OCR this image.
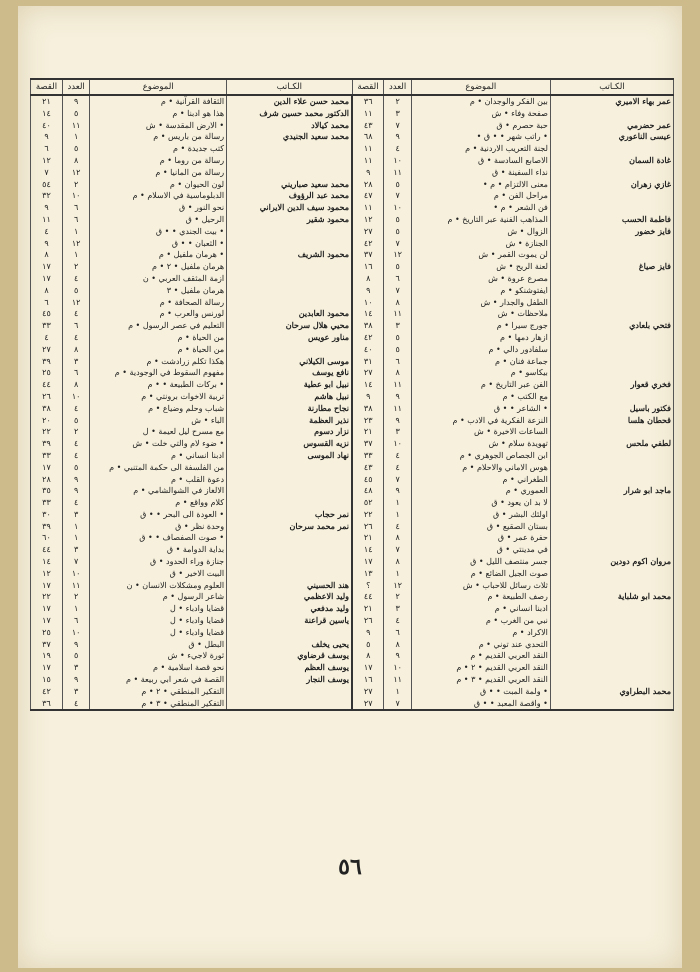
الكـاتب	الموضوع	العدد	القصة	الكـاتب	الموضوع	العدد	القصة
عمر بهاء الاميري	بين الفكر والوجدان • م	٢	٣٦	محمد حسن علاء الدين	الثقافة القرآنية • م	٩	٢١
	صفحة وفاء • ش	٣	١١	الدكتور محمد حسين شرف	هذا هو ادبنا • م	٥	١٤
عمر حضرمي	حبة حصرم • ق	٧	٤٣	محمد كيالاد	• الارض المقدسة • ش	١١	٤٠
عيسى الناعوري	• راتب شهر • • ق •	٩	٦٨	محمد سعيد الجنيدي	رسالة من باريس • م	١	٩
	لجنة التعريب الاردنية • م	٤	١١		كتب جديدة • م	٥	٦
غادة السمان	الاصابع السادسة • ق	١٠	١١		رسالة من روما • م	٨	١٢
	نداء السفينة • ق	١١	٩		رسالة من المانيا • م	١٢	٧
غازي زهران	معنى الالتزام • م •	٥	٢٨	محمد سعيد صباريني	لون الحيوان • م	٢	٥٤
	مراحل الفن • م	٧	٤٧	محمد عبد الرؤوف	الدبلوماسية في الاسلام • م	١٠	٣٢
	فن الشعر • م •	١٠	١١	محمود سيف الدين الايراني	نحو النور • ق	٦	٩
فاطمة الحسب	المذاهب الفنية عبر التاريخ • م	٥	١٢	محمود شقير	الرحيل • ق	٦	١١
فايز خضور	الزوال • ش	٥	٢٧		• بيت الجندي • • ق	١	٤
	الجنازة • ش	٧	٤٢		• الثعبان • • ق	١٢	٩
	لن يموت القمر • ش	١٢	٣٧	محمود الشريف	• هرمان ملفيل • م	١	٨
فايز صياغ	لعنة الريح • ش	٥	١٦		هرمان ملفيل • ٢ • م	٢	١٧
	مصرع عروة • ش	٦	٨		ازمة المثقف العربي • ن	٤	١٧
	ايفتوشنكو • م	٧	٩		هرمان ملفيل • ٣	٥	٨
	الطفل والجدار • ش	٨	١٠		رسالة الصحافة • م	١٢	٦
	ملاحظات • ش	١١	١٤	محمود العابدين	لورنس والعرب • م	٤	٤٥
فتحي بلعادي	جورج سيرا • م	٣	٣٨	محيي هلال سرحان	التعليم في عصر الرسول • م	٦	٣٣
	ازهار دمها • م	٥	٤٢	مناور عويس	من الحياة • م	٤	٤
	سلفادور دالي • م	٥	٤٠		من الحياة • م	٨	٢٧
	جماعة فنان • م	٦	٣١	موسى الكيلاني	هكذا تكلم زرادشت • م	٣	٣٩
	بيكاسو • م	٨	٢٧	نافع يوسف	مفهوم السقوط في الوجودية • م	٦	٢٥
فخري قعوار	الفن عبر التاريخ • م	١١	١٤	نبيل ابو عطية	• بركات الطبيعة • • م	٨	٤٤
	مع الكتب • م	٩	٩	نبيل هاشم	تربية الاخوات برونتي • م	١٠	٢٦
فكتور باسيل	• الشاعر • • ق	١١	٣٨	نجاح مطارنة	شباب وحلم وضياع • م	٤	٣٨
قحطان هلسا	النزعة الفكرية في الادب • م	٩	٢٣	نذير العظمة	الباء • ش	٥	٢٠
	الساعات الاخيرة • ش	٣	٢١	نزار دسوم	مع مسرح ليل لعيمة • ل	٢	٢٢
لطفي ملحس	تهويدة سلام • ش	١٠	٣٧	نزيه القسوس	• ضوء لام والتي خلت • ش	٤	٣٩
	ابن الجصاص الجوهري • م	٤	٣٣	نهاد الموسى	ادبنا انساني • م	٤	٣٣
	هوس الاماني والاحلام • م	٤	٤٣		من الفلسفة الى حكمة المتنبي • م	٥	١٧
	الطغراني • م	٧	٤٥		دعوة القلب • م	٩	٢٨
ماجد ابو شرار	العموري • م	٩	٤٨		الالغاز في الشوالشامي • م	٩	٣٥
	لا بد ان يعود • ق	١	٥٢		كلام وواقع • م	٤	٣٣
	اولئك البشر • ق	١	٢٢	نمر حجاب	• العودة الى البحر • • ق	٣	٣٠
	بستان الصقيع • ق	٤	٢٦	نمر محمد سرحان	وحدة نظر • ق	١	٣٩
	حفرة عمر • ق	٨	٢١		• صوت الصفصاف • • ق	١	٦٠
	في مدينتي • ق	٧	١٤		بداية الدوامة • ق	٣	٤٤
مروان اكوم دودين	جسر منتصف الليل • ق	٨	١٧		جنازة وراء الحدود • ق	٧	١٤
	صوت الجبل الضائع • م	١	١٣		البيت الاخير • ق	١٠	١٢
	ثلاث رسائل للاحباب • ش	١٢	؟	هند الحسيني	العلوم ومشكلات الانسان • ن	١١	١٧
محمد ابو شلباية	رصف الطبيعة • م	٢	٤٤	وليد الاعظمي	شاعر الرسول • م	٢	٢٢
	ادبنا انساني • م	٣	٢١	وليد مدفعي	قضايا وادباء • ل	١	١٧
	نبي من الغرب • م	٤	٢٦	ياسين قراعنة	قضايا وادباء • ل	٦	١٧
	الاكراد • م	٦	٩		قضايا وادباء • ل	١٠	٢٥
	التحدي عند توني • م	٨	٥	يحيى يخلف	البطل • ق	٩	٣٧
	النقد العربي القديم • م	٩	٨	يوسف قرضاوي	ثورة لاجيء • ش	٥	١٩
	النقد العربي القديم • ٢ • م	١٠	١٧	يوسف العظم	نحو قصة اسلامية • م	٣	١٧
	النقد العربي القديم • ٣ • م	١١	١٦	يوسف النجار	القصة في شعر ابي ربيعة • م	٩	١٥
محمد البطراوي	• ولمة المبت • • ق	١	٢٧		التفكير المنطقي • ٢ • م	٣	٤٢
	• واقصة المعبد • • ق	٧	٢٧		التفكير المنطقي • ٣ • م	٤	٣٦
٥٦
